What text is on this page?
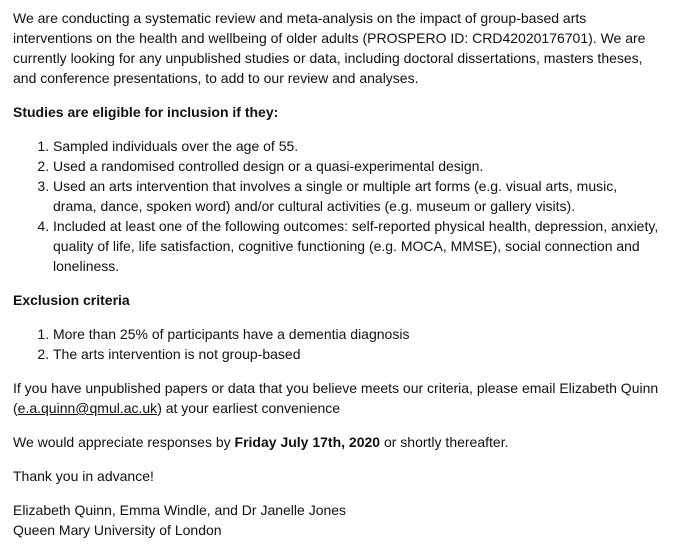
We are conducting a systematic review and meta-analysis on the impact of group-based arts interventions on the health and wellbeing of older adults (PROSPERO ID: CRD42020176701). We are currently looking for any unpublished studies or data, including doctoral dissertations, masters theses, and conference presentations, to add to our review and analyses.

Studies are eligible for inclusion if they:

1. Sampled individuals over the age of 55.
2. Used a randomised controlled design or a quasi-experimental design.
3. Used an arts intervention that involves a single or multiple art forms (e.g. visual arts, music, drama, dance, spoken word) and/or cultural activities (e.g. museum or gallery visits).
4. Included at least one of the following outcomes: self-reported physical health, depression, anxiety, quality of life, life satisfaction, cognitive functioning (e.g. MOCA, MMSE), social connection and loneliness.

Exclusion criteria

1. More than 25% of participants have a dementia diagnosis
2. The arts intervention is not group-based

If you have unpublished papers or data that you believe meets our criteria, please email Elizabeth Quinn (e.a.quinn@qmul.ac.uk) at your earliest convenience

We would appreciate responses by Friday July 17th, 2020 or shortly thereafter.

Thank you in advance!

Elizabeth Quinn, Emma Windle, and Dr Janelle Jones

Queen Mary University of London
